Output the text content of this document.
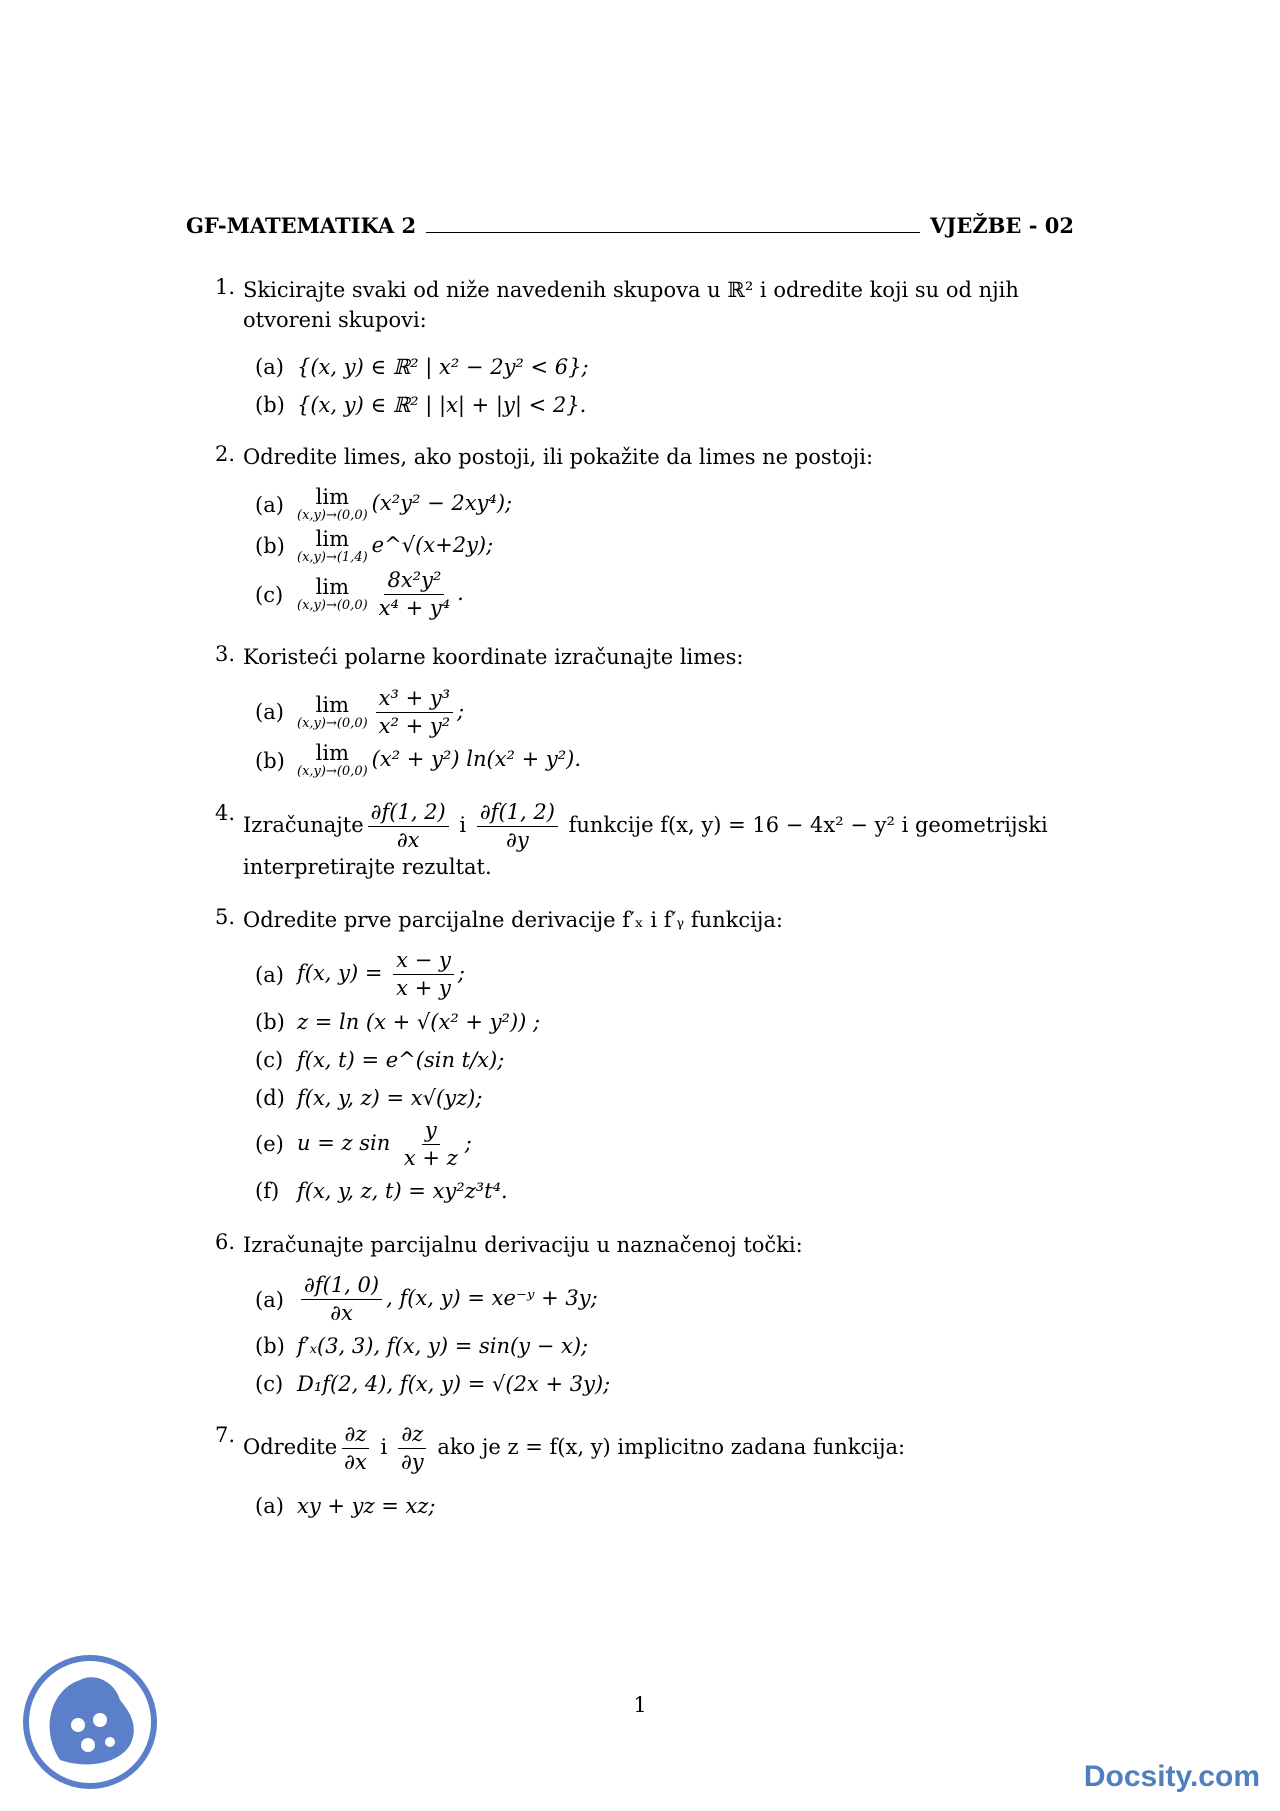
GF-MATEMATIKA 2	VJEŽBE - 02
1. Skicirajte svaki od niže navedenih skupova u ℝ² i odredite koji su od njih otvoreni skupovi:

(a) {(x, y) ∈ ℝ² | x² − 2y² < 6};
(b) {(x, y) ∈ ℝ² | |x| + |y| < 2}.
2. Odredite limes, ako postoji, ili pokažite da limes ne postoji:

(a) lim
(x,y)→(0,0)
(x²y² − 2xy⁴);
(b) lim
(x,y)→(1,4)
e^√(x+2y);
(c) lim
$(x,y)\to(0,0) \frac{\text{8x²y²}}{\text{x⁴ + y⁴}}$ .
3. Koristeći polarne koordinate izračunajte limes:

(a) lim
$(x,y)\to(0,0) \frac{\text{x³ + y³}}{\text{x² + y²}}$ ;
(b) lim
(x,y)→(0,0)
(x² + y²) ln(x² + y²).
4.

Izračunajte $\frac{\partial f(1, 2)}{\partial x}$ i $\frac{\partial f(1, 2)}{\partial y}$ funkcije f(x, y) = 16 − 4x² − y² i geometrijski interpretirajte rezultat.

5. Odredite prve parcijalne derivacije f′ₓ i f′ᵧ funkcija:

(a) f(x, $y) = \frac{x - y}{x + y}$ ;
(b) z = ln (x + √(x² + y²)) ;
(c) f(x, t) = e^(sin t/x);
(d) f(x, y, z) = x√(yz);
(e) u = z $\sin \frac{y}{x + z}$ ;
(f) f(x, y, z, t) = xy²z³t⁴.
6. Izračunajte parcijalnu derivaciju u naznačenoj točki:

$(a) \frac{\partial f(1, 0)}{\partial x}$ , f(x, y) = xe⁻ʸ + 3y;
(b) f′ₓ(3, 3), f(x, y) = sin(y − x);
(c) D₁f(2, 4), f(x, y) = √(2x + 3y);
7.

Odredite $\frac{\partial z}{\partial x}$ i $\frac{\partial z}{\partial y}$ ako je z = f(x, y) implicitno zadana funkcija:

(a) xy + yz = xz;
1
Docsity.com
